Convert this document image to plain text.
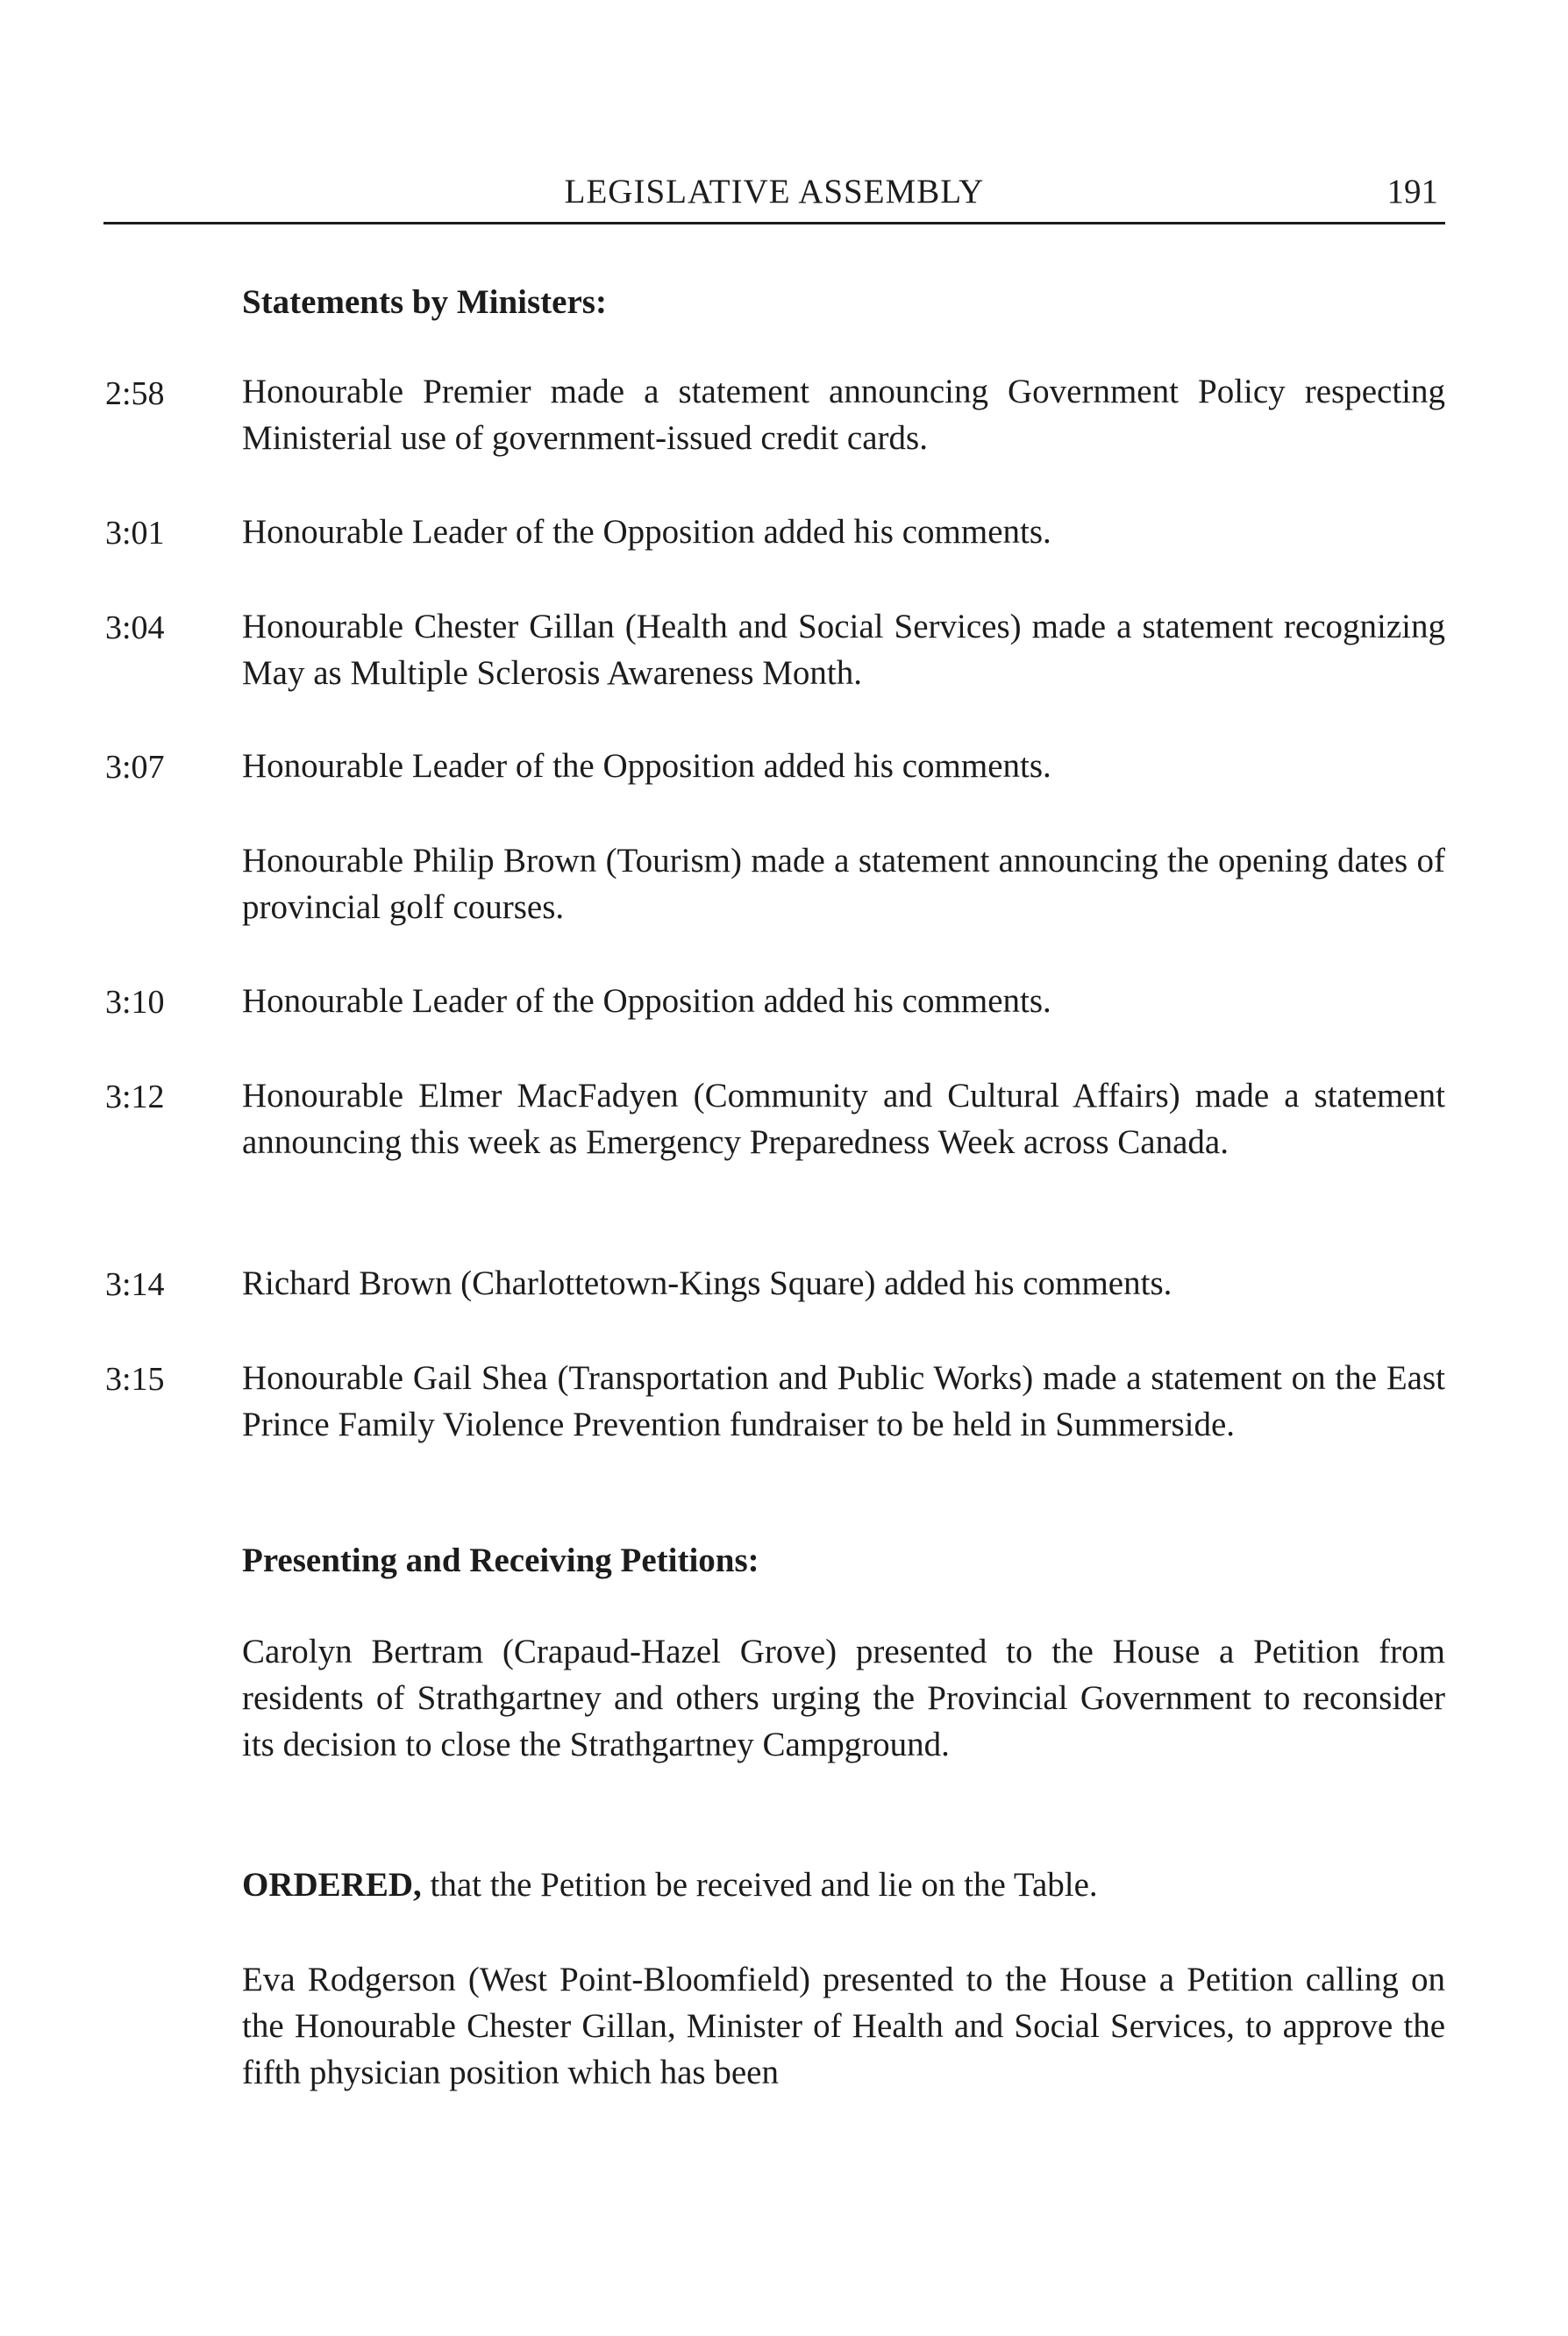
LEGISLATIVE ASSEMBLY	191
Statements by Ministers:
2:58 Honourable Premier made a statement announcing Government Policy respecting Ministerial use of government-issued credit cards.
3:01 Honourable Leader of the Opposition added his comments.
3:04 Honourable Chester Gillan (Health and Social Services) made a statement recognizing May as Multiple Sclerosis Awareness Month.
3:07 Honourable Leader of the Opposition added his comments.
Honourable Philip Brown (Tourism) made a statement announcing the opening dates of provincial golf courses.
3:10 Honourable Leader of the Opposition added his comments.
3:12 Honourable Elmer MacFadyen (Community and Cultural Affairs) made a statement announcing this week as Emergency Preparedness Week across Canada.
3:14 Richard Brown (Charlottetown-Kings Square) added his comments.
3:15 Honourable Gail Shea (Transportation and Public Works) made a statement on the East Prince Family Violence Prevention fundraiser to be held in Summerside.
Presenting and Receiving Petitions:
Carolyn Bertram (Crapaud-Hazel Grove) presented to the House a Petition from residents of Strathgartney and others urging the Provincial Government to reconsider its decision to close the Strathgartney Campground.
ORDERED, that the Petition be received and lie on the Table.
Eva Rodgerson (West Point-Bloomfield) presented to the House a Petition calling on the Honourable Chester Gillan, Minister of Health and Social Services, to approve the fifth physician position which has been
